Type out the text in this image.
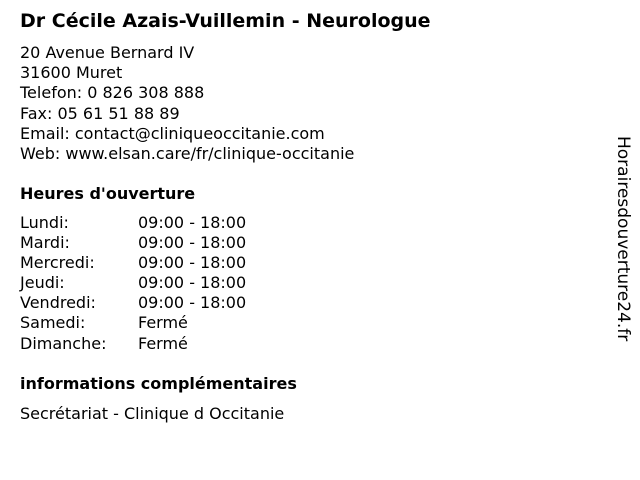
Dr Cécile Azais-Vuillemin - Neurologue
20 Avenue Bernard IV
31600 Muret
Telefon: 0 826 308 888
Fax: 05 61 51 88 89
Email: contact@cliniqueoccitanie.com
Web: www.elsan.care/fr/clinique-occitanie
Heures d'ouverture
Lundi:	09:00 - 18:00
Mardi:	09:00 - 18:00
Mercredi:	09:00 - 18:00
Jeudi:	09:00 - 18:00
Vendredi:	09:00 - 18:00
Samedi:	Fermé
Dimanche:	Fermé
informations complémentaires
Secrétariat - Clinique d Occitanie
Horairesdouverture24.fr
